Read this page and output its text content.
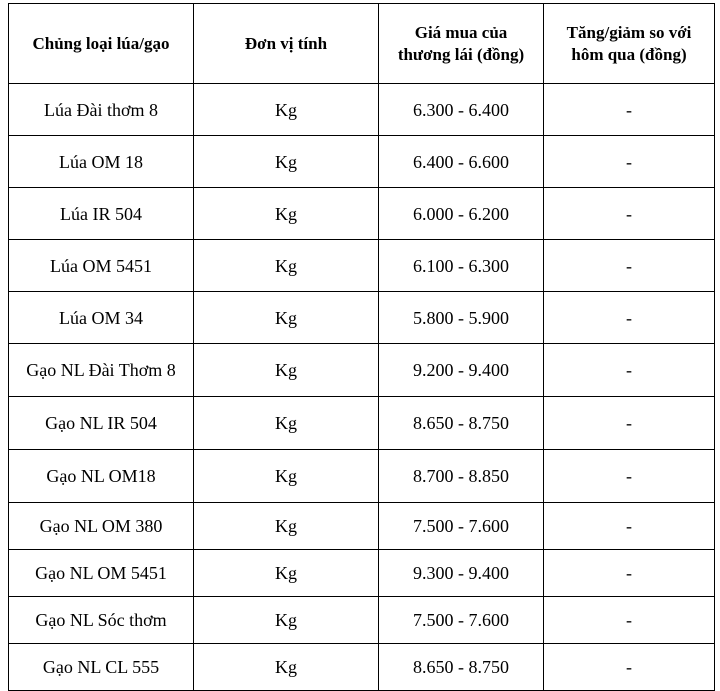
Chủng loại lúa/gạo	Đơn vị tính	Giá mua của
thương lái (đồng)	Tăng/giảm so với
hôm qua (đồng)
Lúa Đài thơm 8	Kg	6.300 - 6.400	-
Lúa OM 18	Kg	6.400 - 6.600	-
Lúa IR 504	Kg	6.000 - 6.200	-
Lúa OM 5451	Kg	6.100 - 6.300	-
Lúa OM 34	Kg	5.800 - 5.900	-
Gạo NL Đài Thơm 8	Kg	9.200 - 9.400	-
Gạo NL IR 504	Kg	8.650 - 8.750	-
Gạo NL OM18	Kg	8.700 - 8.850	-
Gạo NL OM 380	Kg	7.500 - 7.600	-
Gạo NL OM 5451	Kg	9.300 - 9.400	-
Gạo NL Sóc thơm	Kg	7.500 - 7.600	-
Gạo NL CL 555	Kg	8.650 - 8.750	-
